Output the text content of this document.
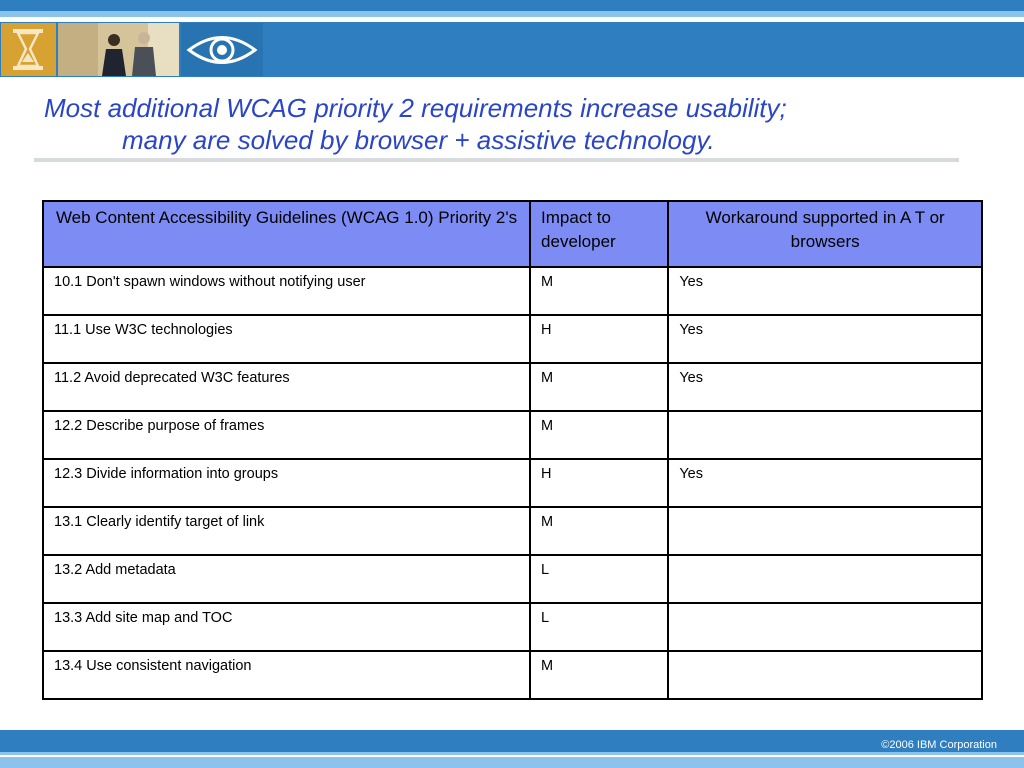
Most additional WCAG priority 2 requirements increase usability;
many are solved by browser + assistive technology.
Web Content Accessibility Guidelines (WCAG 1.0) Priority 2's	Impact to developer	Workaround supported in A T or browsers
10.1 Don't spawn windows without notifying user	M	Yes
11.1 Use W3C technologies	H	Yes
11.2 Avoid deprecated W3C features	M	Yes
12.2 Describe purpose of frames	M	
12.3 Divide information into groups	H	Yes
13.1 Clearly identify target of link	M	
13.2 Add metadata	L	
13.3 Add site map and TOC	L	
13.4 Use consistent navigation	M	
©2006 IBM Corporation
